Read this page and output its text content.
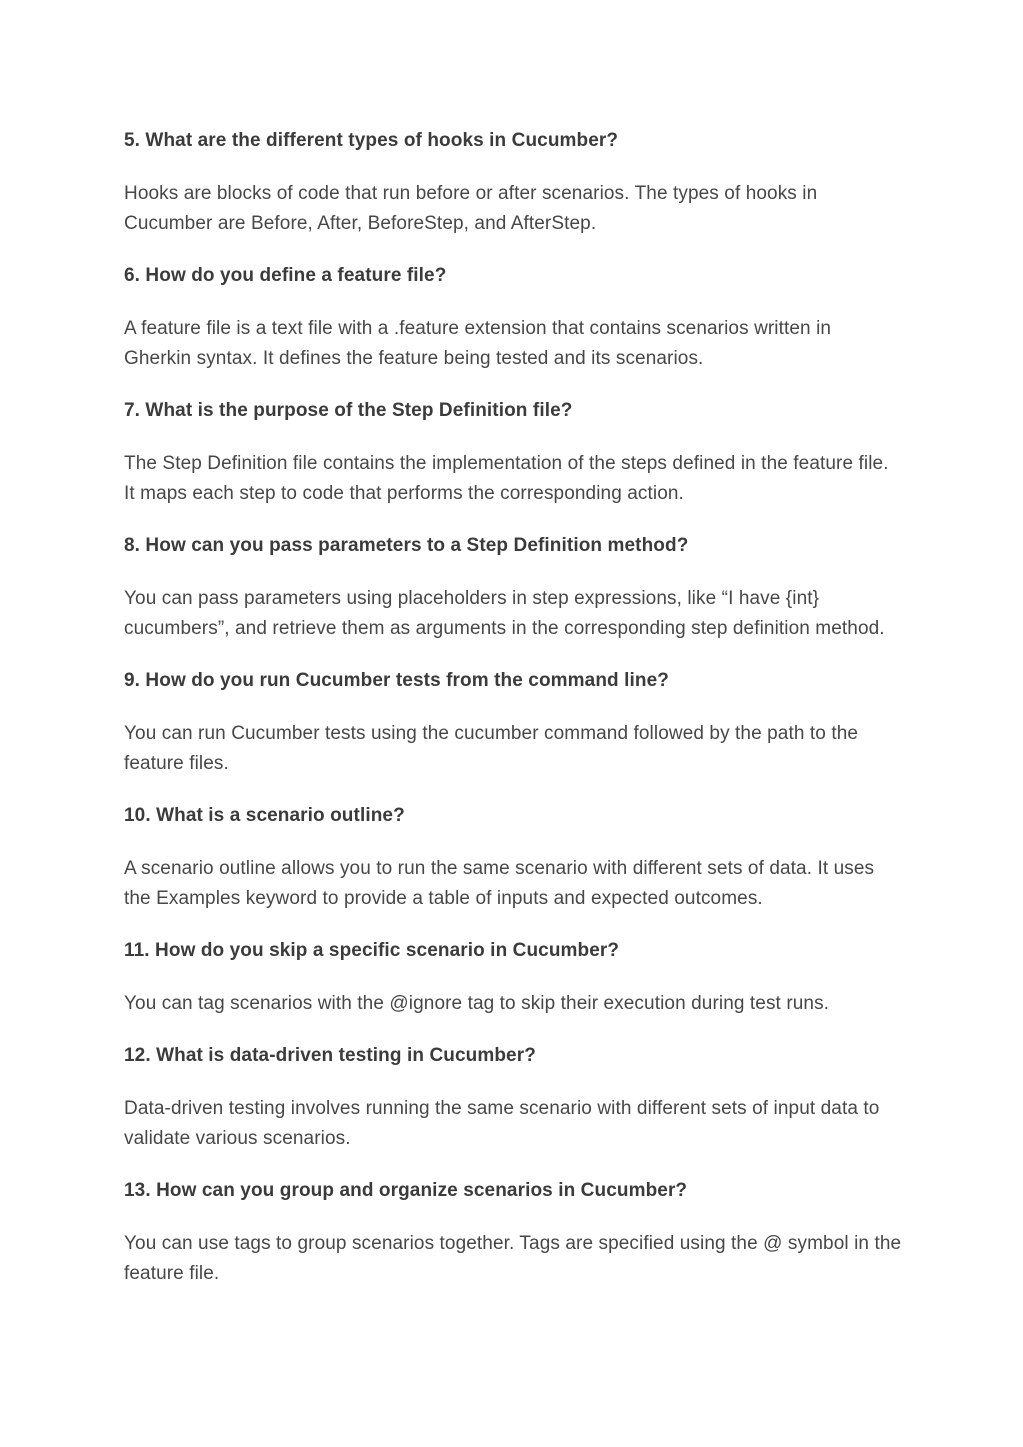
5. What are the different types of hooks in Cucumber?

Hooks are blocks of code that run before or after scenarios. The types of hooks in Cucumber are Before, After, BeforeStep, and AfterStep.

6. How do you define a feature file?

A feature file is a text file with a .feature extension that contains scenarios written in Gherkin syntax. It defines the feature being tested and its scenarios.

7. What is the purpose of the Step Definition file?

The Step Definition file contains the implementation of the steps defined in the feature file. It maps each step to code that performs the corresponding action.

8. How can you pass parameters to a Step Definition method?

You can pass parameters using placeholders in step expressions, like “I have {int} cucumbers”, and retrieve them as arguments in the corresponding step definition method.

9. How do you run Cucumber tests from the command line?

You can run Cucumber tests using the cucumber command followed by the path to the feature files.

10. What is a scenario outline?

A scenario outline allows you to run the same scenario with different sets of data. It uses the Examples keyword to provide a table of inputs and expected outcomes.

11. How do you skip a specific scenario in Cucumber?

You can tag scenarios with the @ignore tag to skip their execution during test runs.

12. What is data-driven testing in Cucumber?

Data-driven testing involves running the same scenario with different sets of input data to validate various scenarios.

13. How can you group and organize scenarios in Cucumber?

You can use tags to group scenarios together. Tags are specified using the @ symbol in the feature file.
